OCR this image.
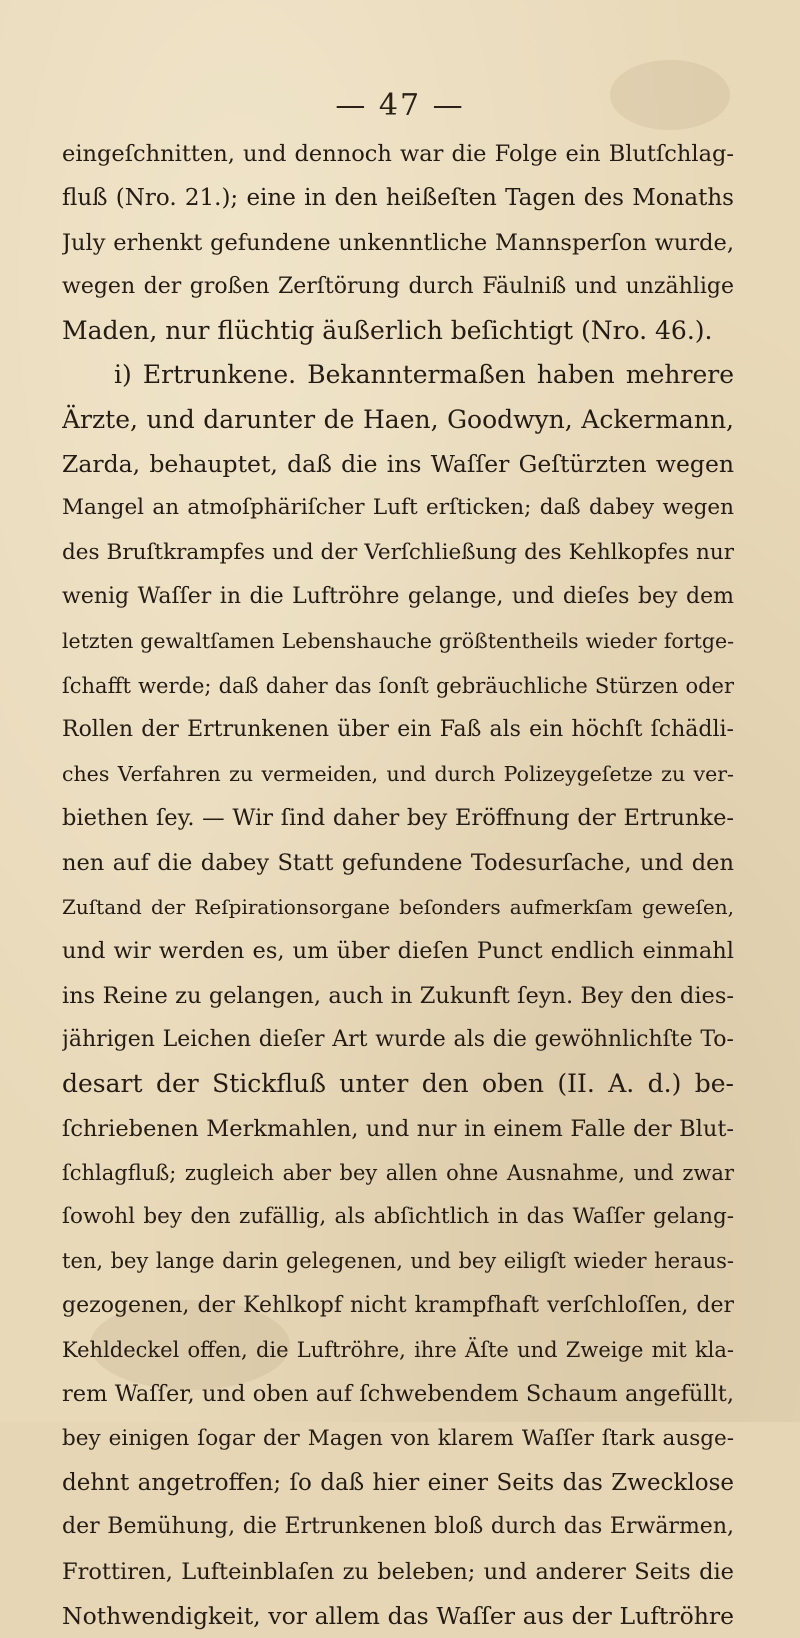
— 47 —
eingeſchnitten, und dennoch war die Folge ein Blutſchlag-
fluß (Nro. 21.); eine in den heißeſten Tagen des Monaths
July erhenkt gefundene unkenntliche Mannsperſon wurde,
wegen der großen Zerſtörung durch Fäulniß und unzählige
Maden, nur flüchtig äußerlich beſichtigt (Nro. 46.).
i) Ertrunkene. Bekanntermaßen haben mehrere
Ärzte, und darunter de Haen, Goodwyn, Ackermann,
Zarda, behauptet, daß die ins Waſſer Geſtürzten wegen
Mangel an atmoſphäriſcher Luft erſticken; daß dabey wegen
des Bruſtkrampfes und der Verſchließung des Kehlkopfes nur
wenig Waſſer in die Luftröhre gelange, und dieſes bey dem
letzten gewaltſamen Lebenshauche größtentheils wieder fortge-
ſchafft werde; daß daher das ſonſt gebräuchliche Stürzen oder
Rollen der Ertrunkenen über ein Faß als ein höchſt ſchädli-
ches Verfahren zu vermeiden, und durch Polizeygeſetze zu ver-
biethen ſey. — Wir ſind daher bey Eröffnung der Ertrunke-
nen auf die dabey Statt gefundene Todesurſache, und den
Zuſtand der Reſpirationsorgane beſonders aufmerkſam geweſen,
und wir werden es, um über dieſen Punct endlich einmahl
ins Reine zu gelangen, auch in Zukunft ſeyn. Bey den dies-
jährigen Leichen dieſer Art wurde als die gewöhnlichſte To-
desart der Stickfluß unter den oben (II. A. d.) be-
ſchriebenen Merkmahlen, und nur in einem Falle der Blut-
ſchlagfluß; zugleich aber bey allen ohne Ausnahme, und zwar
ſowohl bey den zufällig, als abſichtlich in das Waſſer gelang-
ten, bey lange darin gelegenen, und bey eiligſt wieder heraus-
gezogenen, der Kehlkopf nicht krampfhaft verſchloſſen, der
Kehldeckel offen, die Luftröhre, ihre Äſte und Zweige mit kla-
rem Waſſer, und oben auf ſchwebendem Schaum angefüllt,
bey einigen ſogar der Magen von klarem Waſſer ſtark ausge-
dehnt angetroffen; ſo daß hier einer Seits das Zwecklose
der Bemühung, die Ertrunkenen bloß durch das Erwärmen,
Frottiren, Lufteinblaſen zu beleben; und anderer Seits die
Nothwendigkeit, vor allem das Waſſer aus der Luftröhre
